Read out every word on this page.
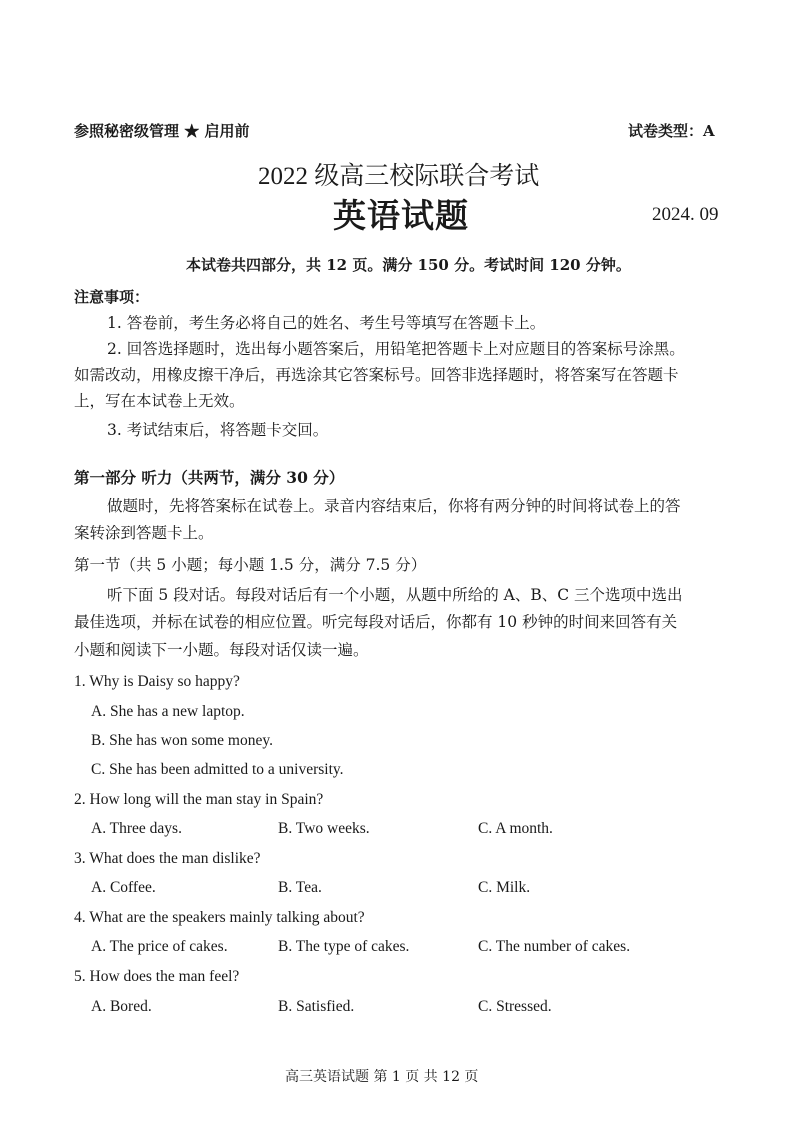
参照秘密级管理 ★ 启用前	试卷类型：A
2022 级高三校际联合考试
英语试题	2024. 09
本试卷共四部分，共 12 页。满分 150 分。考试时间 120 分钟。
注意事项：
1. 答卷前，考生务必将自己的姓名、考生号等填写在答题卡上。
2. 回答选择题时，选出每小题答案后，用铅笔把答题卡上对应题目的答案标号涂黑。
如需改动，用橡皮擦干净后，再选涂其它答案标号。回答非选择题时，将答案写在答题卡
上，写在本试卷上无效。
3. 考试结束后，将答题卡交回。
第一部分 听力（共两节，满分 30 分）
做题时，先将答案标在试卷上。录音内容结束后，你将有两分钟的时间将试卷上的答
案转涂到答题卡上。
第一节（共 5 小题；每小题 1.5 分，满分 7.5 分）
听下面 5 段对话。每段对话后有一个小题，从题中所给的 A、B、C 三个选项中选出
最佳选项，并标在试卷的相应位置。听完每段对话后，你都有 10 秒钟的时间来回答有关
小题和阅读下一小题。每段对话仅读一遍。
1. Why is Daisy so happy?
A. She has a new laptop.
B. She has won some money.
C. She has been admitted to a university.
2. How long will the man stay in Spain?
A. Three days.	B. Two weeks.	C. A month.
3. What does the man dislike?
A. Coffee.	B. Tea.	C. Milk.
4. What are the speakers mainly talking about?
A. The price of cakes.	B. The type of cakes.	C. The number of cakes.
5. How does the man feel?
A. Bored.	B. Satisfied.	C. Stressed.
高三英语试题 第 1 页 共 12 页
